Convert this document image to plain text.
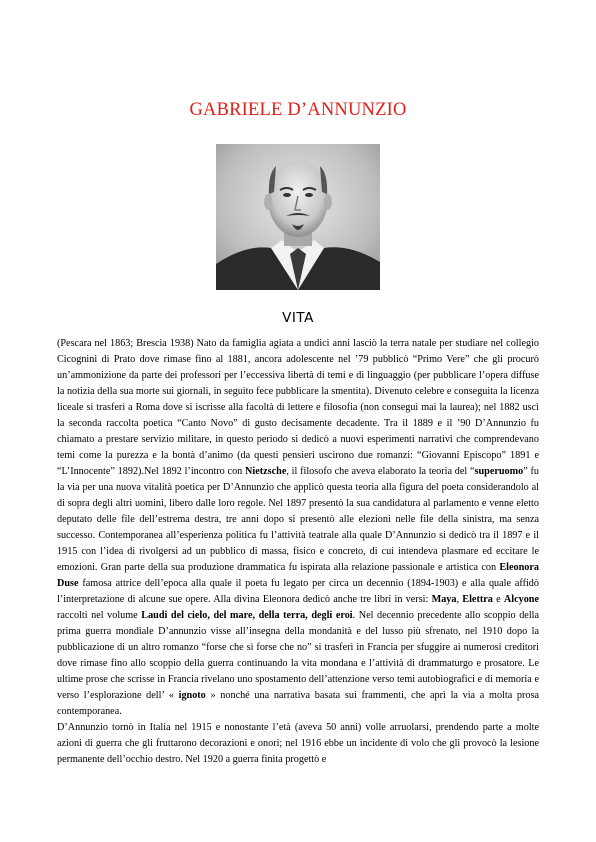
GABRIELE D’ANNUNZIO
VITA

(Pescara nel 1863; Brescia 1938) Nato da famiglia agiata a undici anni lasciò la terra natale per studiare nel collegio Cicognini di Prato dove rimase fino al 1881, ancora adolescente nel ’79 pubblicò “Primo Vere” che gli procurò un’ammonizione da parte dei professori per l’eccessiva libertà di temi e di linguaggio (per pubblicare l’opera diffuse la notizia della sua morte sui giornali, in seguito fece pubblicare la smentita). Divenuto celebre e conseguita la licenza liceale si trasferì a Roma dove si iscrisse alla facoltà di lettere e filosofia (non conseguì mai la laurea); nel 1882 uscì la seconda raccolta poetica “Canto Novo” di gusto decisamente decadente. Tra il 1889 e il ’90 D’Annunzio fu chiamato a prestare servizio militare, in questo periodo si dedicò a nuovi esperimenti narrativi che comprendevano temi come la purezza e la bontà d’animo (da questi pensieri uscirono due romanzi: “Giovanni Episcopo” 1891 e “L’Innocente” 1892).Nel 1892 l’incontro con Nietzsche, il filosofo che aveva elaborato la teoria del “superuomo” fu la via per una nuova vitalità poetica per D’Annunzio che applicò questa teoria alla figura del poeta considerandolo al di sopra degli altri uomini, libero dalle loro regole. Nel 1897 presentò la sua candidatura al parlamento e venne eletto deputato delle file dell’estrema destra, tre anni dopo si presentò alle elezioni nelle file della sinistra, ma senza successo. Contemporanea all’esperienza politica fu l’attività teatrale alla quale D’Annunzio si dedicò tra il 1897 e il 1915 con l’idea di rivolgersi ad un pubblico di massa, fisico e concreto, di cui intendeva plasmare ed eccitare le emozioni. Gran parte della sua produzione drammatica fu ispirata alla relazione passionale e artistica con Eleonora Duse famosa attrice dell’epoca alla quale il poeta fu legato per circa un decennio (1894-1903) e alla quale affidò l’interpretazione di alcune sue opere. Alla divina Eleonora dedicò anche tre libri in versi: Maya, Elettra e Alcyone raccolti nel volume Laudi del cielo, del mare, della terra, degli eroi. Nel decennio precedente allo scoppio della prima guerra mondiale D’annunzio visse all’insegna della mondanità e del lusso più sfrenato, nel 1910 dopo la pubblicazione di un altro romanzo “forse che sì forse che no” si trasferì in Francia per sfuggire ai numerosi creditori dove rimase fino allo scoppio della guerra continuando la vita mondana e l’attività di drammaturgo e prosatore. Le ultime prose che scrisse in Francia rivelano uno spostamento dell’attenzione verso temi autobiografici e di memoria e verso l’esplorazione dell’ « ignoto » nonché una narrativa basata sui frammenti, che aprì la via a molta prosa contemporanea.

D’Annunzio tornò in Italia nel 1915 e nonostante l’età (aveva 50 anni) volle arruolarsi, prendendo parte a molte azioni di guerra che gli fruttarono decorazioni e onori; nel 1916 ebbe un incidente di volo che gli provocò la lesione permanente dell’occhio destro. Nel 1920 a guerra finita progettò e
